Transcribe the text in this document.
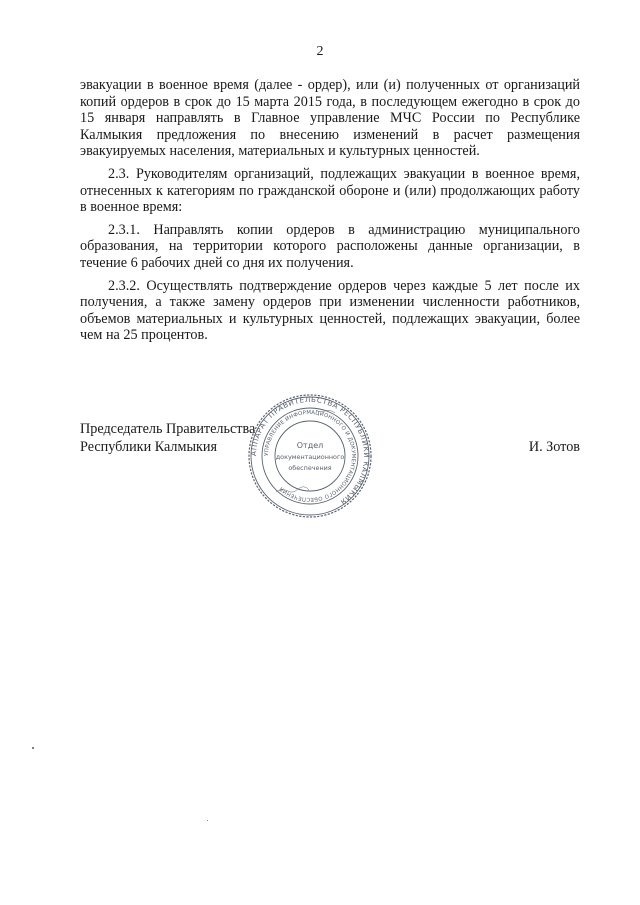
2

эвакуации в военное время (далее - ордер), или (и) полученных от организаций копий ордеров в срок до 15 марта 2015 года, в последующем ежегодно в срок до 15 января направлять в Главное управление МЧС России по Республике Калмыкия предложения по внесению изменений в расчет размещения эвакуируемых населения, материальных и культурных ценностей.

2.3. Руководителям организаций, подлежащих эвакуации в военное время, отнесенных к категориям по гражданской обороне и (или) продолжающих работу в военное время:

2.3.1. Направлять копии ордеров в администрацию муниципального образования, на территории которого расположены данные организации, в течение 6 рабочих дней со дня их получения.

2.3.2. Осуществлять подтверждение ордеров через каждые 5 лет после их получения, а также замену ордеров при изменении численности работников, объемов материальных и культурных ценностей, подлежащих эвакуации, более чем на 25 процентов.

Председатель Правительства
Республики Калмыкия	И. Зотов
АППАРАТ ПРАВИТЕЛЬСТВА РЕСПУБЛИКИ КАЛМЫКИЯ
УПРАВЛЕНИЕ ИНФОРМАЦИОННОГО И ДОКУМЕНТАЦИОННОГО ОБЕСПЕЧЕНИЯ
Отдел
документационного
обеспечения
